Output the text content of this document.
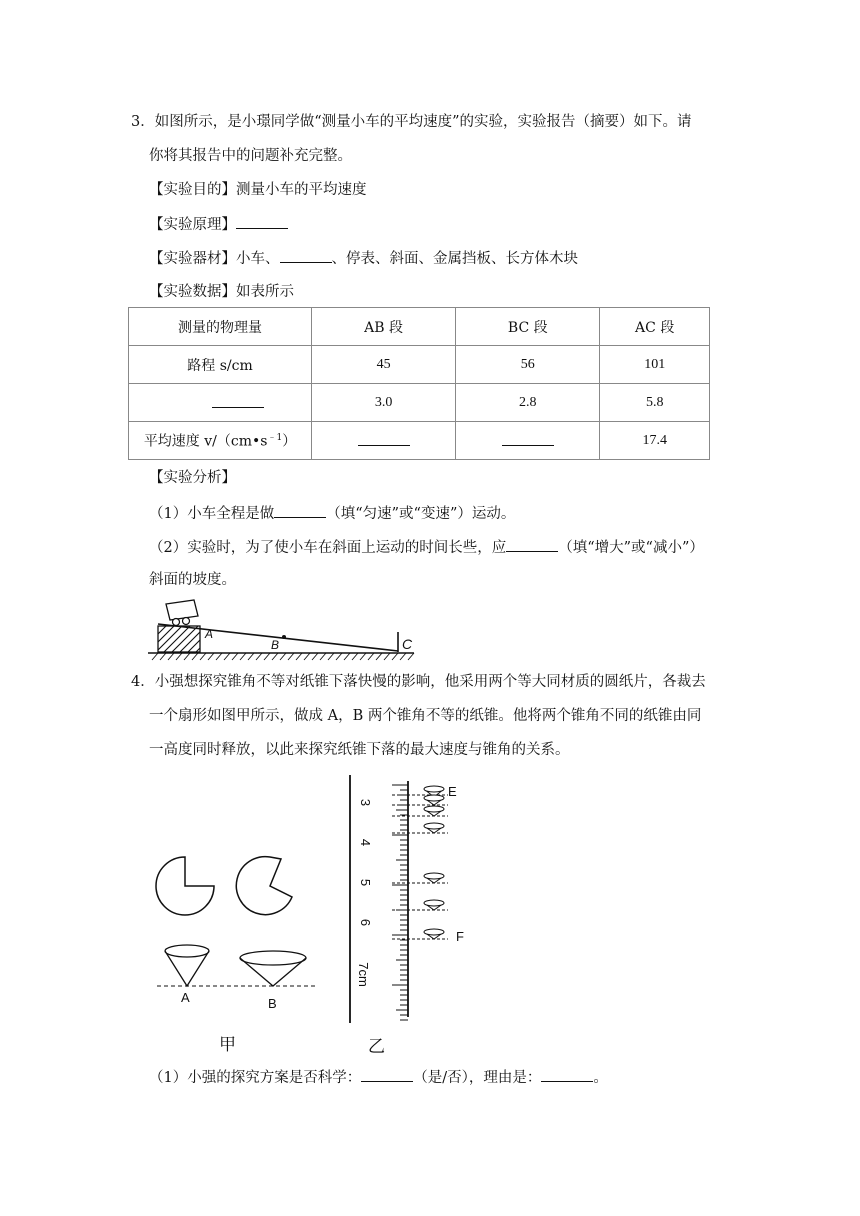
3．如图所示，是小璟同学做“测量小车的平均速度”的实验，实验报告（摘要）如下。请
你将其报告中的问题补充完整。
【实验目的】测量小车的平均速度
【实验原理】
【实验器材】小车、	、停表、斜面、金属挡板、长方体木块
【实验数据】如表所示
测量的物理量	AB 段	BC 段	AC 段
路程 s/cm	45	56	101
	3.0	2.8	5.8
平均速度 $v/(cm•s^{﹣1})$			17.4
【实验分析】
（1）小车全程是做	（填“匀速”或“变速”）运动。
（2）实验时，为了使小车在斜面上运动的时间长些，应	（填“增大”或“减小”）
斜面的坡度。
A
B	C
4．小强想探究锥角不等对纸锥下落快慢的影响，他采用两个等大同材质的圆纸片，各裁去
一个扇形如图甲所示，做成 A，B 两个锥角不等的纸锥。他将两个锥角不同的纸锥由同
一高度同时释放，以此来探究纸锥下落的最大速度与锥角的关系。
A	B
甲
E
F
3
4
5
6
7cm
乙
（1）小强的探究方案是否科学：	（是/否），理由是：	。
